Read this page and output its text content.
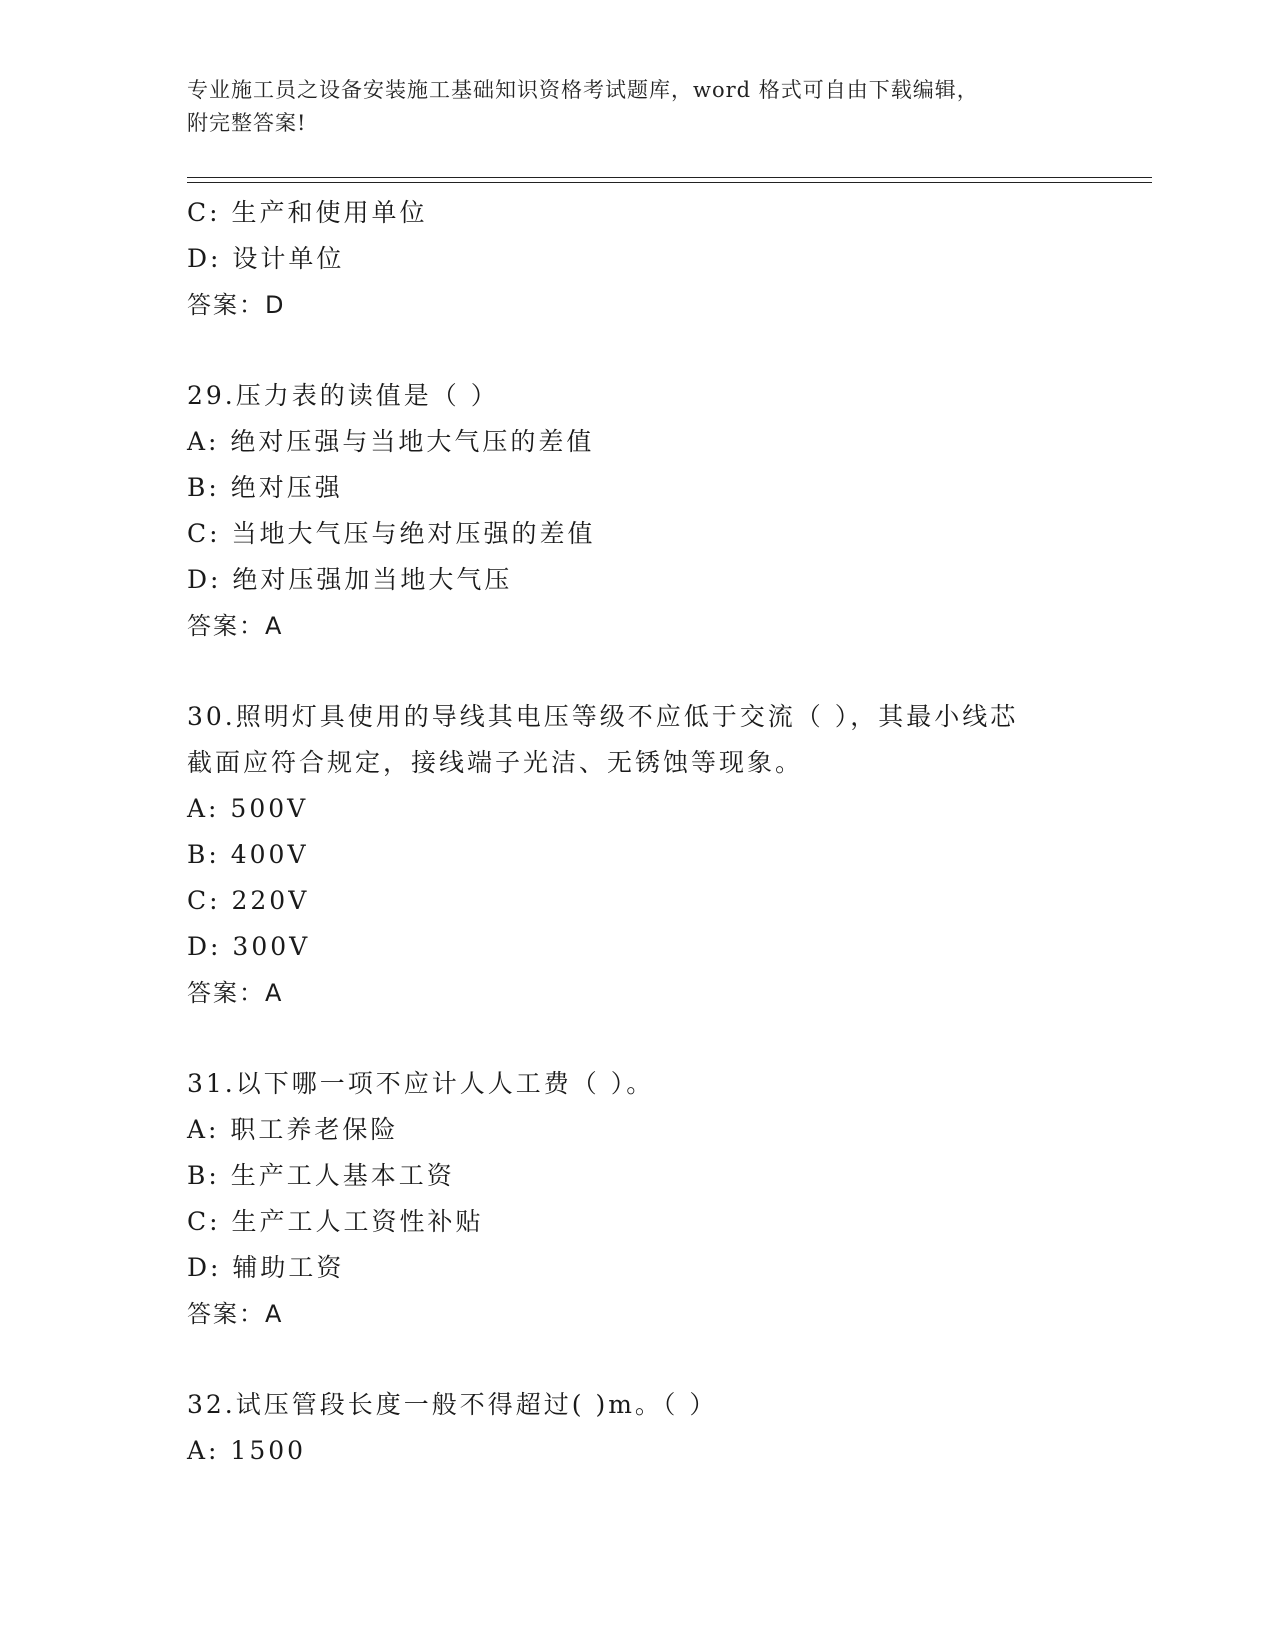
专业施工员之设备安装施工基础知识资格考试题库，word 格式可自由下载编辑，
附完整答案!
C: 生产和使用单位
D: 设计单位
答案：D
29.压力表的读值是（ ）
A: 绝对压强与当地大气压的差值
B: 绝对压强
C: 当地大气压与绝对压强的差值
D: 绝对压强加当地大气压
答案：A
30.照明灯具使用的导线其电压等级不应低于交流（ ），其最小线芯
截面应符合规定，接线端子光洁、无锈蚀等现象。
A: 500V
B: 400V
C: 220V
D: 300V
答案：A
31.以下哪一项不应计人人工费（ ）。
A: 职工养老保险
B: 生产工人基本工资
C: 生产工人工资性补贴
D: 辅助工资
答案：A
32.试压管段长度一般不得超过( )m。（ ）
A: 1500
